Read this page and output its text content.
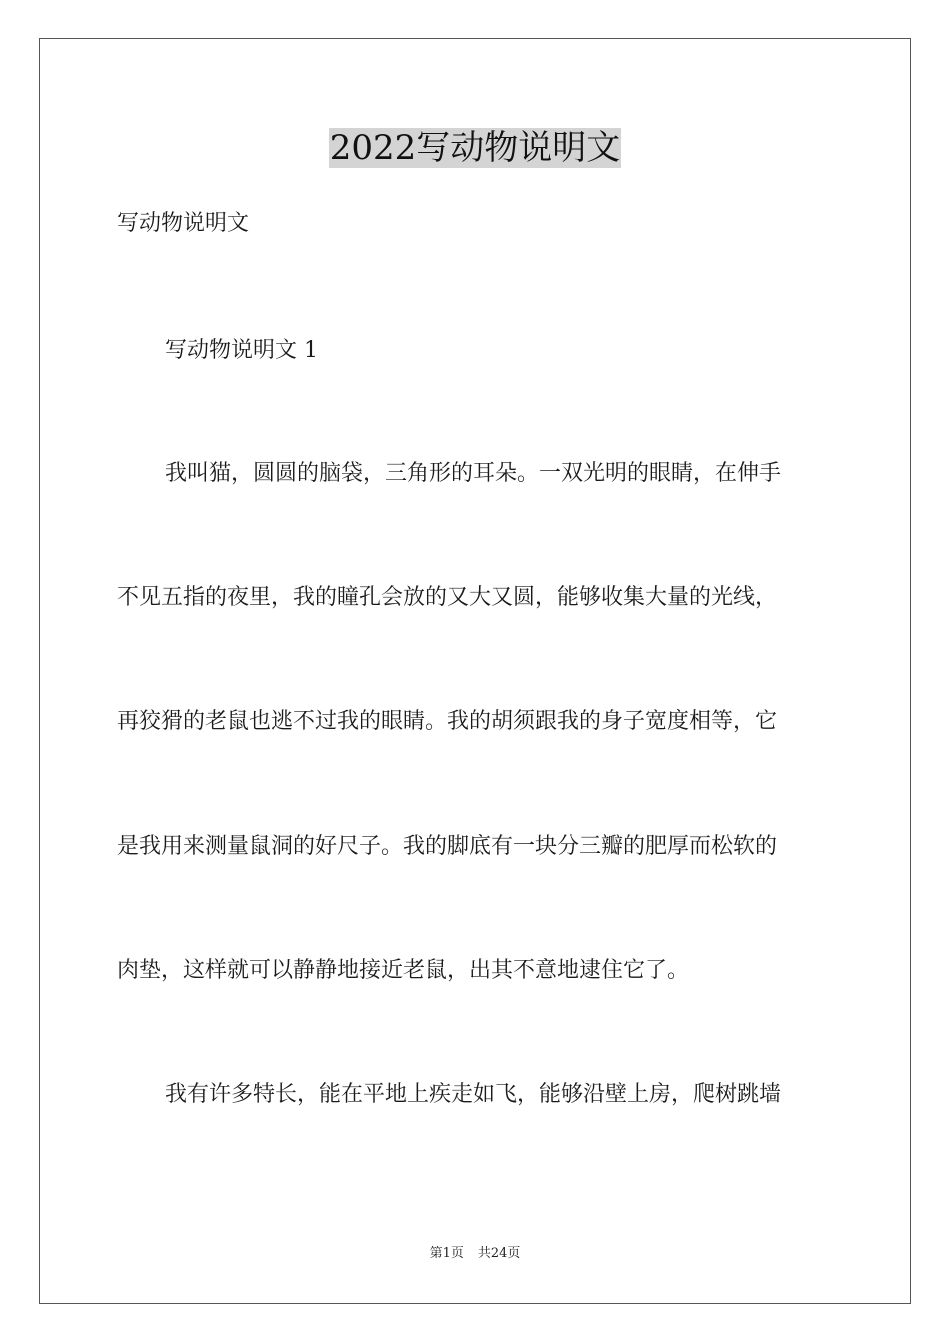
2022写动物说明文

写动物说明文

写动物说明文 1

我叫猫，圆圆的脑袋，三角形的耳朵。一双光明的眼睛，在伸手

不见五指的夜里，我的瞳孔会放的又大又圆，能够收集大量的光线，

再狡猾的老鼠也逃不过我的眼睛。我的胡须跟我的身子宽度相等，它

是我用来测量鼠洞的好尺子。我的脚底有一块分三瓣的肥厚而松软的

肉垫，这样就可以静静地接近老鼠，出其不意地逮住它了。

我有许多特长，能在平地上疾走如飞，能够沿壁上房，爬树跳墙

第1页 共24页
